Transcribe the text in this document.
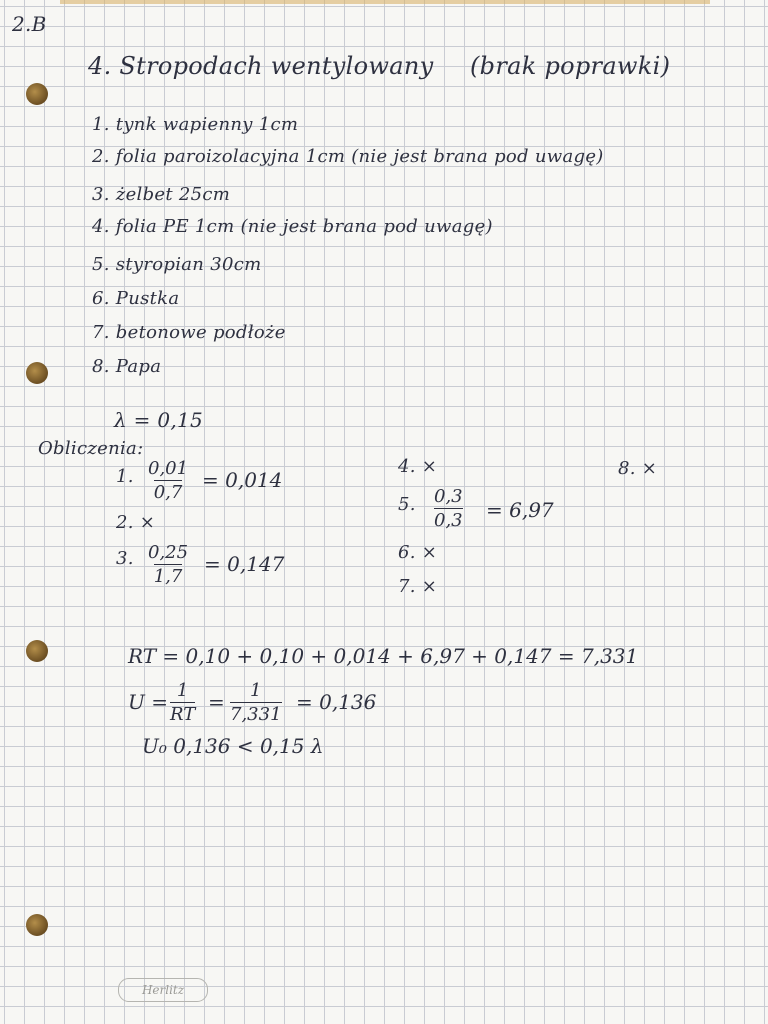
2.B
4. Stropodach wentylowany (brak poprawki)
1. tynk wapienny 1cm
2. folia paroizolacyjna 1cm (nie jest brana pod uwagę)
3. żelbet 25cm
4. folia PE 1cm (nie jest brana pod uwagę)
5. styropian 30cm
6. Pustka
7. betonowe podłoże
8. Papa
λ = 0,15
Obliczenia:
1. $\frac{0,01}{0,7} = 0,014$
2. ×
3. $\frac{0,25}{1,7} = 0,147$
4. ×
5. $\frac{0,3}{0,3} = 6,97$
6. ×
7. ×
8. ×
RT = 0,10 + 0,10 + 0,014 + 6,97 + 0,147 = 7,331
$U = \frac{1}{RT} = \frac{1}{7,331} = 0,136$
U₀ 0,136 < 0,15 λ
Herlitz
